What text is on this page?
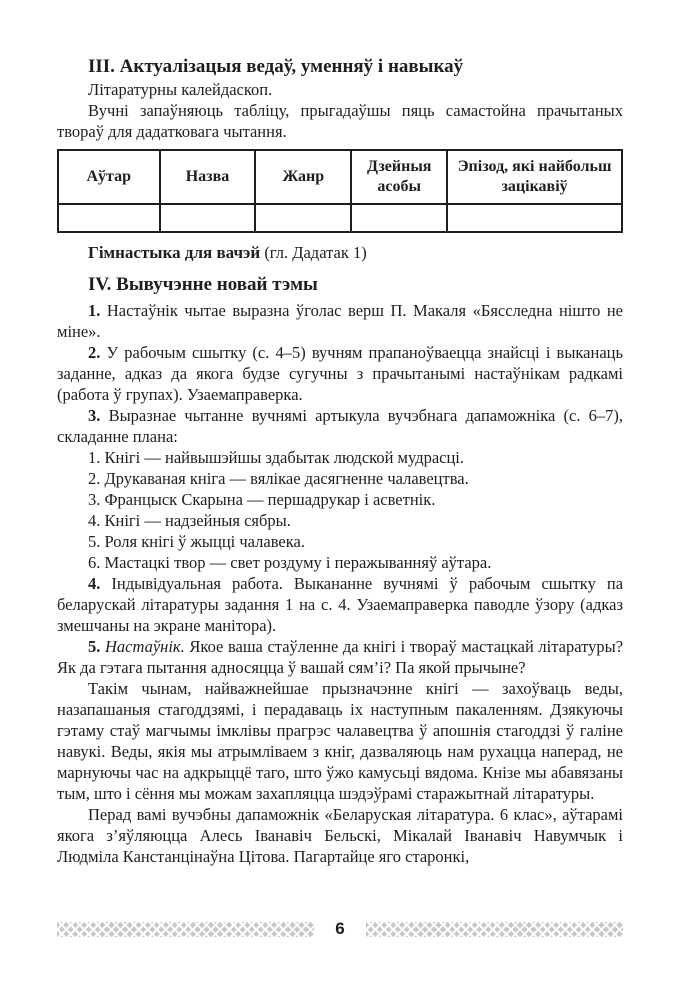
III. Актуалізацыя ведаў, уменняў і навыкаў

Літаратурны калейдаскоп.

Вучні запаўняюць табліцу, прыгадаўшы пяць самастойна прачытаных твораў для дадатковага чытання.

Аўтар	Назва	Жанр	Дзейныя асобы	Эпізод, які найбольш зацікавіў

Гімнастыка для вачэй (гл. Дадатак 1)

IV. Вывучэнне новай тэмы

1. Настаўнік чытае выразна ўголас верш П. Макаля «Бясследна нішто не міне».

2. У рабочым сшытку (с. 4–5) вучням прапаноўваецца знайсці і выканаць заданне, адказ да якога будзе сугучны з прачытанымі настаўнікам радкамі (работа ў групах). Узаемаправерка.

3. Выразнае чытанне вучнямі артыкула вучэбнага дапаможніка (с. 6–7), складанне плана:

1. Кнігі — найвышэйшы здабытак людской мудрасці.

2. Друкаваная кніга — вялікае дасягненне чалавецтва.

3. Францыск Скарына — першадрукар і асветнік.

4. Кнігі — надзейныя сябры.

5. Роля кнігі ў жыцці чалавека.

6. Мастацкі твор — свет роздуму і перажыванняў аўтара.

4. Індывідуальная работа. Выкананне вучнямі ў рабочым сшытку па беларускай літаратуры задання 1 на с. 4. Узаемаправерка паводле ўзору (адказ змешчаны на экране манітора).

5. Настаўнік. Якое ваша стаўленне да кнігі і твораў мастацкай літаратуры? Як да гэтага пытання адносяцца ў вашай сям’і? Па якой прычыне?

Такім чынам, найважнейшае прызначэнне кнігі — захоўваць веды, назапашаныя стагоддзямі, і перадаваць іх наступным пакаленням. Дзякуючы гэтаму стаў магчымы імклівы прагрэс чалавецтва ў апошнія стагоддзі ў галіне навукі. Веды, якія мы атрымліваем з кніг, дазваляюць нам рухацца наперад, не марнуючы час на адкрыццё таго, што ўжо камусьці вядома. Кнізе мы абавязаны тым, што і сёння мы можам захапляцца шэдэўрамі старажытнай літаратуры.

Перад вамі вучэбны дапаможнік «Беларуская літаратура. 6 клас», аўтарамі якога з’яўляюцца Алесь Іванавіч Бельскі, Мікалай Іванавіч Навумчык і Людміла Канстанцінаўна Цітова. Пагартайце яго старонкі,

6
